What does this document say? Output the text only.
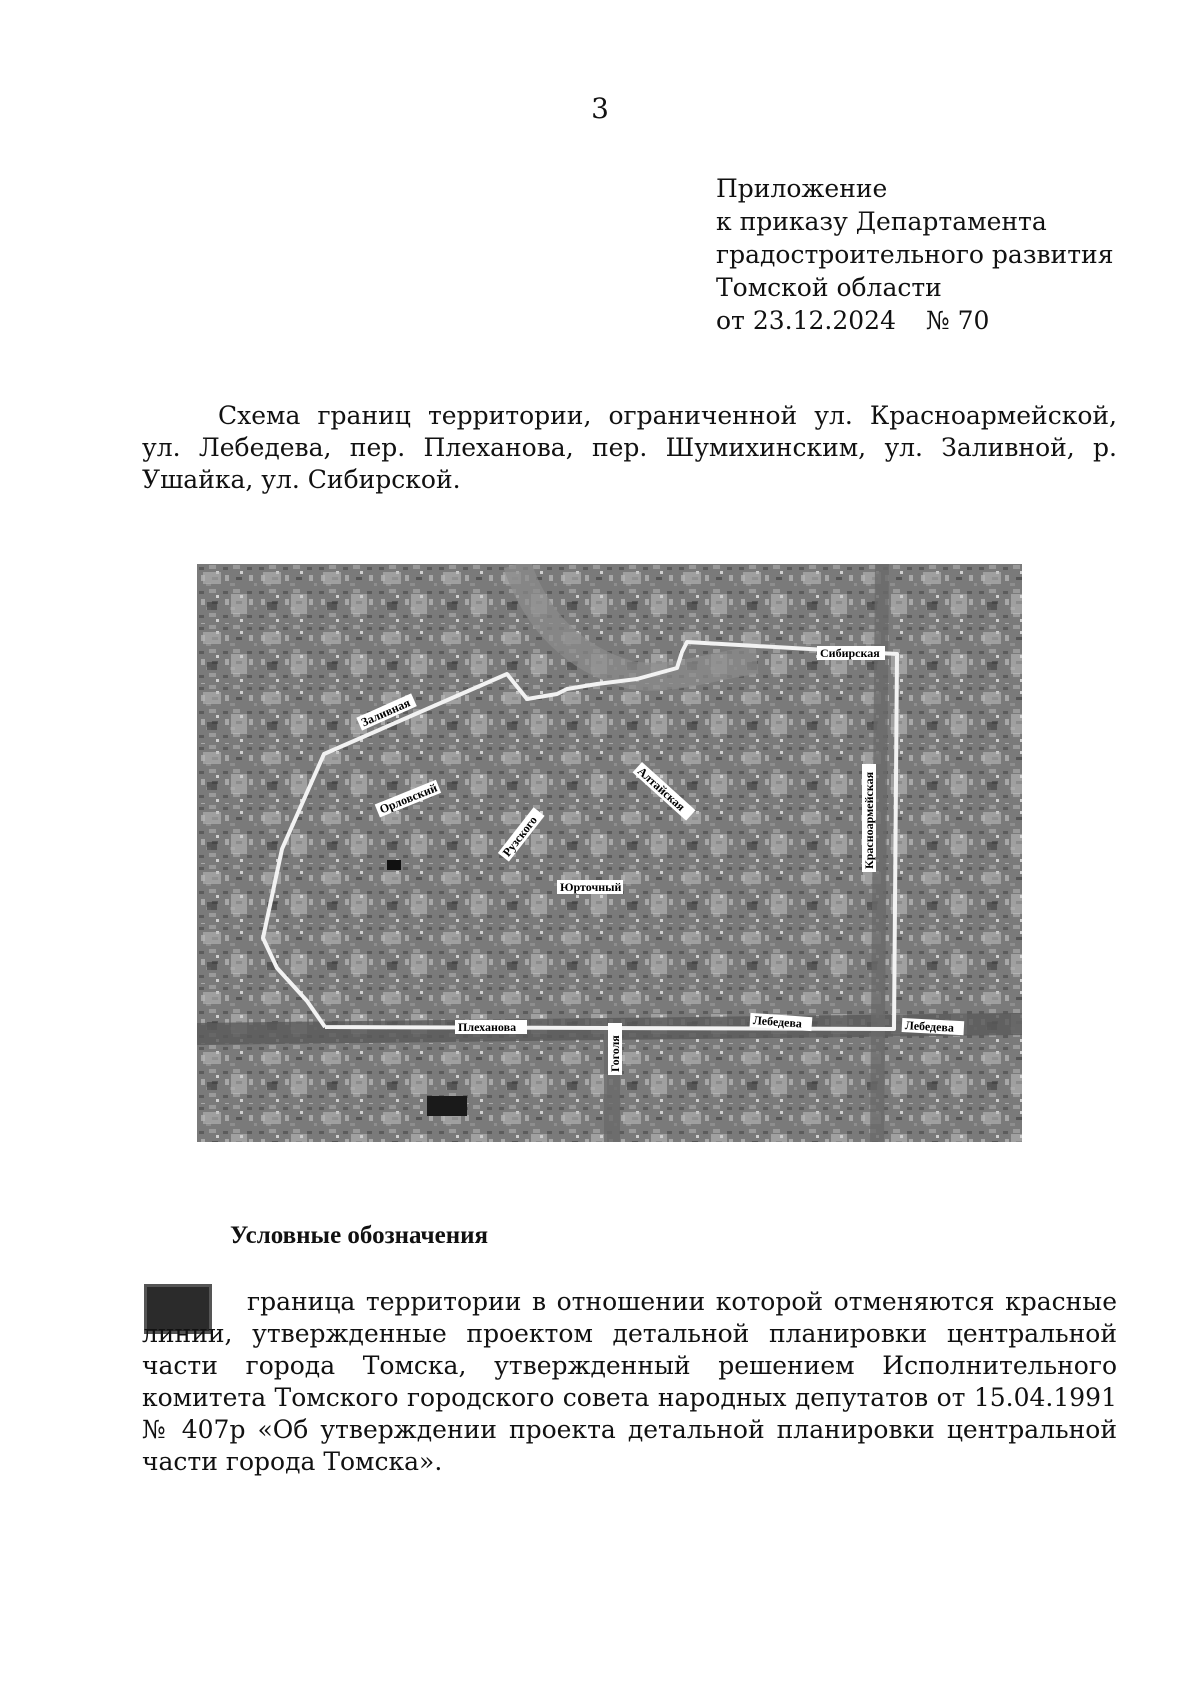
3
Приложение
к приказу Департамента
градостроительного развития
Томской области
от 23.12.2024 № 70
Схема границ территории, ограниченной ул. Красноармейской, ул. Лебедева, пер. Плеханова, пер. Шумихинским, ул. Заливной, р. Ушайка, ул. Сибирской.
Сибирская
Заливная
Алтайская
Орловский
Рузского
Юрточный
Красноармейская
Плеханова
Гоголя
Лебедева	Лебедева
Условные обозначения
граница территории в отношении которой отменяются красные линии, утвержденные проектом детальной планировки центральной части города Томска, утвержденный решением Исполнительного комитета Томского городского совета народных депутатов от 15.04.1991 № 407р «Об утверждении проекта детальной планировки центральной части города Томска».
